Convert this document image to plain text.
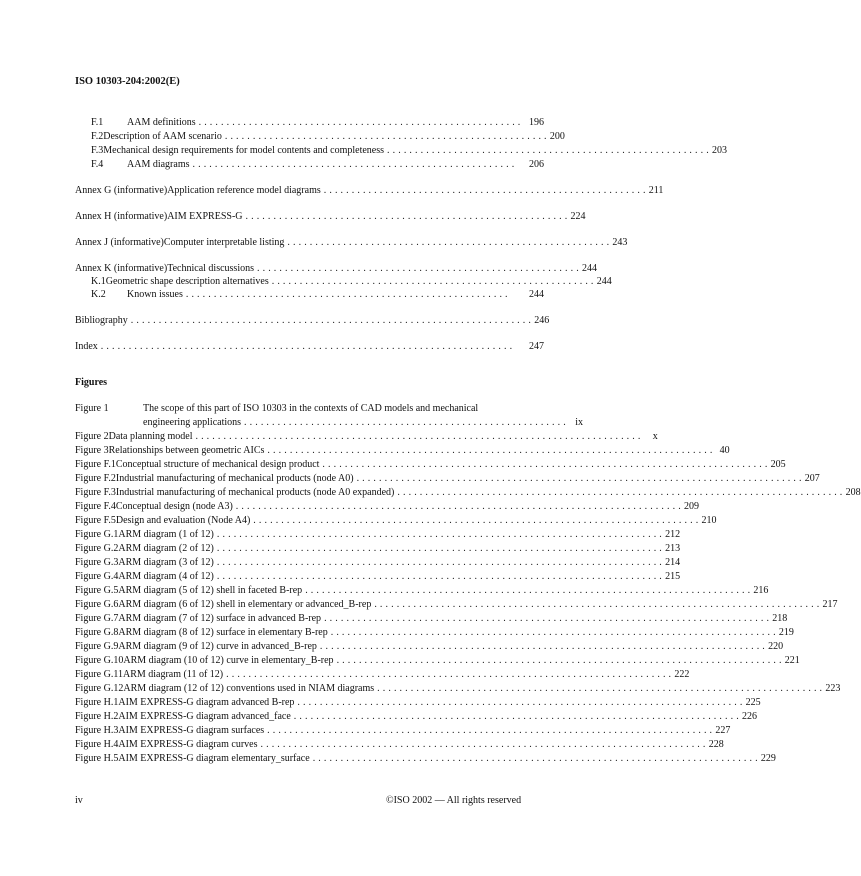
ISO 10303-204:2002(E)
F.1	AAM definitions . . . . . . . . . . . . . . . . . . . . . . . . . . . . . . . . . . . . . . . . . . . . . . . . . . . . . . . . . . 196
F.2 Description of AAM scenario . . . . . . . . . . . . . . . . . . . . . . . . . . . . . . . . . . . . . . . . . . . . . . . . . . . . . . . . . . 200
F.3 Mechanical design requirements for model contents and completeness . . . . . . . . . . . . . . . . . . . . . . . . . . . . . . . . . . . . . . . . . . . . . . . . . . . . . . . . . . 203
F.4	AAM diagrams . . . . . . . . . . . . . . . . . . . . . . . . . . . . . . . . . . . . . . . . . . . . . . . . . . . . . . . . . .	206
Annex G (informative) Application reference model diagrams . . . . . . . . . . . . . . . . . . . . . . . . . . . . . . . . . . . . . . . . . . . . . . . . . . . . . . . . . . 211
Annex H (informative) AIM EXPRESS-G . . . . . . . . . . . . . . . . . . . . . . . . . . . . . . . . . . . . . . . . . . . . . . . . . . . . . . . . . . 224
Annex J (informative) Computer interpretable listing . . . . . . . . . . . . . . . . . . . . . . . . . . . . . . . . . . . . . . . . . . . . . . . . . . . . . . . . . . 243
Annex K (informative) Technical discussions . . . . . . . . . . . . . . . . . . . . . . . . . . . . . . . . . . . . . . . . . . . . . . . . . . . . . . . . . . 244
K.1 Geometric shape description alternatives . . . . . . . . . . . . . . . . . . . . . . . . . . . . . . . . . . . . . . . . . . . . . . . . . . . . . . . . . . 244
K.2	Known issues . . . . . . . . . . . . . . . . . . . . . . . . . . . . . . . . . . . . . . . . . . . . . . . . . . . . . . . . . .	244
Bibliography . . . . . . . . . . . . . . . . . . . . . . . . . . . . . . . . . . . . . . . . . . . . . . . . . . . . . . . . . . . . . . . . . . . . . . . . 246
Index . . . . . . . . . . . . . . . . . . . . . . . . . . . . . . . . . . . . . . . . . . . . . . . . . . . . . . . . . . . . . . . . . . . . . . . . . .	247
Figures
Figure 1	The scope of this part of ISO 10303 in the contexts of CAD models and mechanical
engineering applications . . . . . . . . . . . . . . . . . . . . . . . . . . . . . . . . . . . . . . . . . . . . . . . . . . . . . . . . . . ix
Figure 2 Data planning model . . . . . . . . . . . . . . . . . . . . . . . . . . . . . . . . . . . . . . . . . . . . . . . . . . . . . . . . . . . . . . . . . . . . . . . . . . . . . . . .	x
Figure 3 Relationships between geometric AICs . . . . . . . . . . . . . . . . . . . . . . . . . . . . . . . . . . . . . . . . . . . . . . . . . . . . . . . . . . . . . . . . . . . . . . . . . . . . . . . . 40
Figure F.1 Conceptual structure of mechanical design product . . . . . . . . . . . . . . . . . . . . . . . . . . . . . . . . . . . . . . . . . . . . . . . . . . . . . . . . . . . . . . . . . . . . . . . . . . . . . . . . 205
Figure F.2 Industrial manufacturing of mechanical products (node A0) . . . . . . . . . . . . . . . . . . . . . . . . . . . . . . . . . . . . . . . . . . . . . . . . . . . . . . . . . . . . . . . . . . . . . . . . . . . . . . . . 207
Figure F.3 Industrial manufacturing of mechanical products (node A0 expanded) . . . . . . . . . . . . . . . . . . . . . . . . . . . . . . . . . . . . . . . . . . . . . . . . . . . . . . . . . . . . . . . . . . . . . . . . . . . . . . . . 208
Figure F.4 Conceptual design (node A3) . . . . . . . . . . . . . . . . . . . . . . . . . . . . . . . . . . . . . . . . . . . . . . . . . . . . . . . . . . . . . . . . . . . . . . . . . . . . . . . . 209
Figure F.5 Design and evaluation (Node A4) . . . . . . . . . . . . . . . . . . . . . . . . . . . . . . . . . . . . . . . . . . . . . . . . . . . . . . . . . . . . . . . . . . . . . . . . . . . . . . . . 210
Figure G.1 ARM diagram (1 of 12) . . . . . . . . . . . . . . . . . . . . . . . . . . . . . . . . . . . . . . . . . . . . . . . . . . . . . . . . . . . . . . . . . . . . . . . . . . . . . . . . 212
Figure G.2 ARM diagram (2 of 12) . . . . . . . . . . . . . . . . . . . . . . . . . . . . . . . . . . . . . . . . . . . . . . . . . . . . . . . . . . . . . . . . . . . . . . . . . . . . . . . . 213
Figure G.3 ARM diagram (3 of 12) . . . . . . . . . . . . . . . . . . . . . . . . . . . . . . . . . . . . . . . . . . . . . . . . . . . . . . . . . . . . . . . . . . . . . . . . . . . . . . . . 214
Figure G.4 ARM diagram (4 of 12) . . . . . . . . . . . . . . . . . . . . . . . . . . . . . . . . . . . . . . . . . . . . . . . . . . . . . . . . . . . . . . . . . . . . . . . . . . . . . . . . 215
Figure G.5 ARM diagram (5 of 12) shell in faceted B-rep . . . . . . . . . . . . . . . . . . . . . . . . . . . . . . . . . . . . . . . . . . . . . . . . . . . . . . . . . . . . . . . . . . . . . . . . . . . . . . . . 216
Figure G.6 ARM diagram (6 of 12) shell in elementary or advanced_B-rep . . . . . . . . . . . . . . . . . . . . . . . . . . . . . . . . . . . . . . . . . . . . . . . . . . . . . . . . . . . . . . . . . . . . . . . . . . . . . . . . 217
Figure G.7 ARM diagram (7 of 12) surface in advanced B-rep . . . . . . . . . . . . . . . . . . . . . . . . . . . . . . . . . . . . . . . . . . . . . . . . . . . . . . . . . . . . . . . . . . . . . . . . . . . . . . . . 218
Figure G.8 ARM diagram (8 of 12) surface in elementary B-rep . . . . . . . . . . . . . . . . . . . . . . . . . . . . . . . . . . . . . . . . . . . . . . . . . . . . . . . . . . . . . . . . . . . . . . . . . . . . . . . . 219
Figure G.9 ARM diagram (9 of 12) curve in advanced_B-rep . . . . . . . . . . . . . . . . . . . . . . . . . . . . . . . . . . . . . . . . . . . . . . . . . . . . . . . . . . . . . . . . . . . . . . . . . . . . . . . . 220
Figure G.10 ARM diagram (10 of 12) curve in elementary_B-rep . . . . . . . . . . . . . . . . . . . . . . . . . . . . . . . . . . . . . . . . . . . . . . . . . . . . . . . . . . . . . . . . . . . . . . . . . . . . . . . . 221
Figure G.11 ARM diagram (11 of 12) . . . . . . . . . . . . . . . . . . . . . . . . . . . . . . . . . . . . . . . . . . . . . . . . . . . . . . . . . . . . . . . . . . . . . . . . . . . . . . . . 222
Figure G.12 ARM diagram (12 of 12) conventions used in NIAM diagrams . . . . . . . . . . . . . . . . . . . . . . . . . . . . . . . . . . . . . . . . . . . . . . . . . . . . . . . . . . . . . . . . . . . . . . . . . . . . . . . . 223
Figure H.1 AIM EXPRESS-G diagram advanced B-rep . . . . . . . . . . . . . . . . . . . . . . . . . . . . . . . . . . . . . . . . . . . . . . . . . . . . . . . . . . . . . . . . . . . . . . . . . . . . . . . . 225
Figure H.2 AIM EXPRESS-G diagram advanced_face . . . . . . . . . . . . . . . . . . . . . . . . . . . . . . . . . . . . . . . . . . . . . . . . . . . . . . . . . . . . . . . . . . . . . . . . . . . . . . . . 226
Figure H.3 AIM EXPRESS-G diagram surfaces . . . . . . . . . . . . . . . . . . . . . . . . . . . . . . . . . . . . . . . . . . . . . . . . . . . . . . . . . . . . . . . . . . . . . . . . . . . . . . . . 227
Figure H.4 AIM EXPRESS-G diagram curves . . . . . . . . . . . . . . . . . . . . . . . . . . . . . . . . . . . . . . . . . . . . . . . . . . . . . . . . . . . . . . . . . . . . . . . . . . . . . . . . 228
Figure H.5 AIM EXPRESS-G diagram elementary_surface . . . . . . . . . . . . . . . . . . . . . . . . . . . . . . . . . . . . . . . . . . . . . . . . . . . . . . . . . . . . . . . . . . . . . . . . . . . . . . . . 229
iv	©ISO 2002 — All rights reserved
